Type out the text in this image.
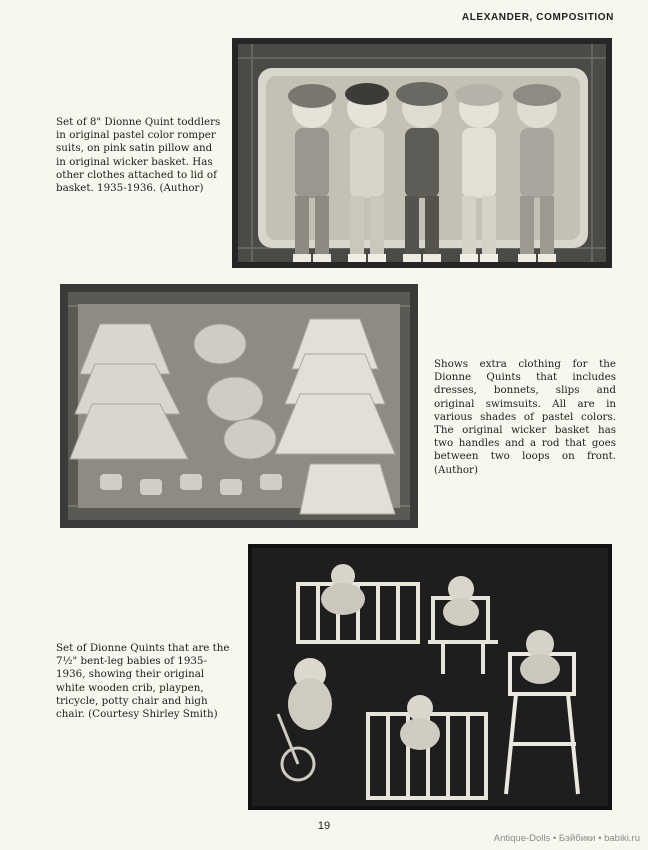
ALEXANDER, COMPOSITION
Set of 8" Dionne Quint toddlers in original pastel color romper suits, on pink satin pillow and in original wicker basket. Has other clothes attached to lid of basket. 1935-1936. (Author)
Shows extra clothing for the Dionne Quints that includes dresses, bonnets, slips and original swimsuits. All are in various shades of pastel colors. The original wicker basket has two handles and a rod that goes between two loops on front. (Author)
Set of Dionne Quints that are the 7½" bent-leg babies of 1935-1936, showing their original white wooden crib, playpen, tricycle, potty chair and high chair. (Courtesy Shirley Smith)
19
Antique-Dolls • Бэйбики • babiki.ru
